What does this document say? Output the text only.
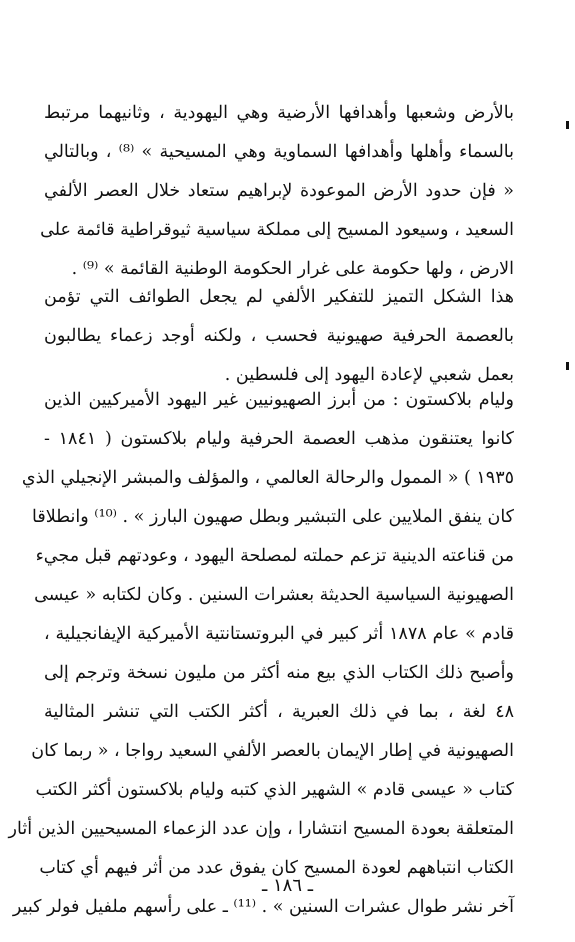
بالأرض وشعبها وأهدافها الأرضية وهي اليهودية ، وثانيهما مرتبط
بالسماء وأهلها وأهدافها السماوية وهي المسيحية » ⁽⁸⁾ ، وبالتالي
« فإن حدود الأرض الموعودة لإبراهيم ستعاد خلال العصر الألفي
السعيد ، وسيعود المسيح إلى مملكة سياسية ثيوقراطية قائمة على
الارض ، ولها حكومة على غرار الحكومة الوطنية القائمة » ⁽⁹⁾ .
هذا الشكل التميز للتفكير الألفي لم يجعل الطوائف التي تؤمن
بالعصمة الحرفية صهيونية فحسب ، ولكنه أوجد زعماء يطالبون
بعمل شعبي لإعادة اليهود إلى فلسطين .
وليام بلاكستون : من أبرز الصهيونيين غير اليهود الأميركيين الذين
كانوا يعتنقون مذهب العصمة الحرفية وليام بلاكستون ( ١٨٤١ -
١٩٣٥ ) « الممول والرحالة العالمي ، والمؤلف والمبشر الإنجيلي الذي
كان ينفق الملايين على التبشير وبطل صهيون البارز » . ⁽¹⁰⁾ وانطلاقا
من قناعته الدينية تزعم حملته لمصلحة اليهود ، وعودتهم قبل مجيء
الصهيونية السياسية الحديثة بعشرات السنين . وكان لكتابه « عيسى
قادم » عام ١٨٧٨ أثر كبير في البروتستانتية الأميركية الإيفانجيلية ،
وأصبح ذلك الكتاب الذي بيع منه أكثر من مليون نسخة وترجم إلى
٤٨ لغة ، بما في ذلك العبرية ، أكثر الكتب التي تنشر المثالية
الصهيونية في إطار الإيمان بالعصر الألفي السعيد رواجا ، « ربما كان
كتاب « عيسى قادم » الشهير الذي كتبه وليام بلاكستون أكثر الكتب
المتعلقة بعودة المسيح انتشارا ، وإن عدد الزعماء المسيحيين الذين أثار
الكتاب انتباههم لعودة المسيح كان يفوق عدد من أثر فيهم أي كتاب
آخر نشر طوال عشرات السنين » . ⁽¹¹⁾ ـ على رأسهم ملفيل فولر كبير
ـ ١٨٦ ـ
